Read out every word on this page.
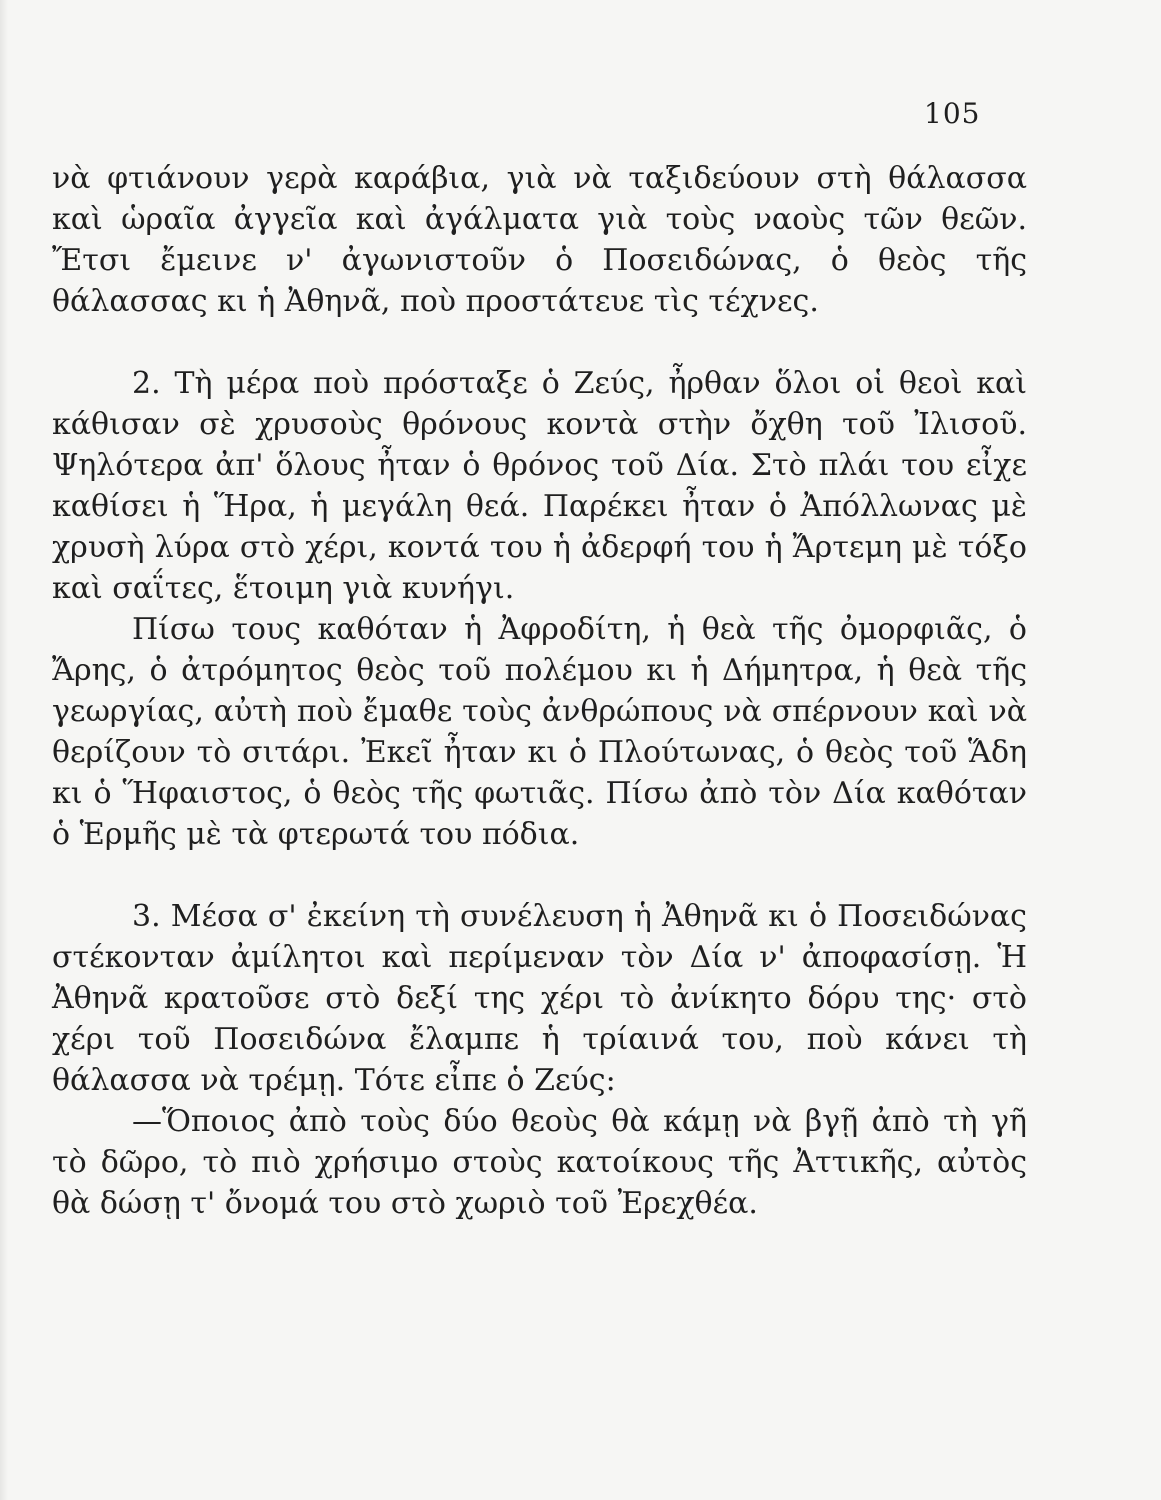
105

νὰ φτιάνουν γερὰ καράβια, γιὰ νὰ ταξιδεύουν στὴ θάλασσα καὶ ὡραῖα ἀγγεῖα καὶ ἀγάλματα γιὰ τοὺς ναοὺς τῶν θεῶν. Ἔτσι ἔμεινε ν' ἀγωνιστοῦν ὁ Ποσειδώνας, ὁ θεὸς τῆς θάλασσας κι ἡ Ἀθηνᾶ, ποὺ προστάτευε τὶς τέχνες.

2. Τὴ μέρα ποὺ πρόσταξε ὁ Ζεύς, ἦρθαν ὅλοι οἱ θεοὶ καὶ κάθισαν σὲ χρυσοὺς θρόνους κοντὰ στὴν ὄχθη τοῦ Ἰλισοῦ. Ψηλότερα ἀπ' ὅλους ἦταν ὁ θρόνος τοῦ Δία. Στὸ πλάι του εἶχε καθίσει ἡ Ἥρα, ἡ μεγάλη θεά. Παρέκει ἦταν ὁ Ἀπόλλωνας μὲ χρυσὴ λύρα στὸ χέρι, κοντά του ἡ ἀδερφή του ἡ Ἄρτεμη μὲ τόξο καὶ σαΐτες, ἕτοιμη γιὰ κυνήγι.

Πίσω τους καθόταν ἡ Ἀφροδίτη, ἡ θεὰ τῆς ὀμορφιᾶς, ὁ Ἄρης, ὁ ἀτρόμητος θεὸς τοῦ πολέμου κι ἡ Δήμητρα, ἡ θεὰ τῆς γεωργίας, αὐτὴ ποὺ ἔμαθε τοὺς ἀνθρώπους νὰ σπέρνουν καὶ νὰ θερίζουν τὸ σιτάρι. Ἐκεῖ ἦταν κι ὁ Πλούτωνας, ὁ θεὸς τοῦ Ἅδη κι ὁ Ἥφαιστος, ὁ θεὸς τῆς φωτιᾶς. Πίσω ἀπὸ τὸν Δία καθόταν ὁ Ἑρμῆς μὲ τὰ φτερωτά του πόδια.

3. Μέσα σ' ἐκείνη τὴ συνέλευση ἡ Ἀθηνᾶ κι ὁ Ποσειδώνας στέκονταν ἀμίλητοι καὶ περίμεναν τὸν Δία ν' ἀποφασίσῃ. Ἡ Ἀθηνᾶ κρατοῦσε στὸ δεξί της χέρι τὸ ἀνίκητο δόρυ της· στὸ χέρι τοῦ Ποσειδώνα ἔλαμπε ἡ τρίαινά του, ποὺ κάνει τὴ θάλασσα νὰ τρέμῃ. Τότε εἶπε ὁ Ζεύς:

—Ὅποιος ἀπὸ τοὺς δύο θεοὺς θὰ κάμῃ νὰ βγῇ ἀπὸ τὴ γῆ τὸ δῶρο, τὸ πιὸ χρήσιμο στοὺς κατοίκους τῆς Ἀττικῆς, αὐτὸς θὰ δώσῃ τ' ὄνομά του στὸ χωριὸ τοῦ Ἐρεχθέα.
